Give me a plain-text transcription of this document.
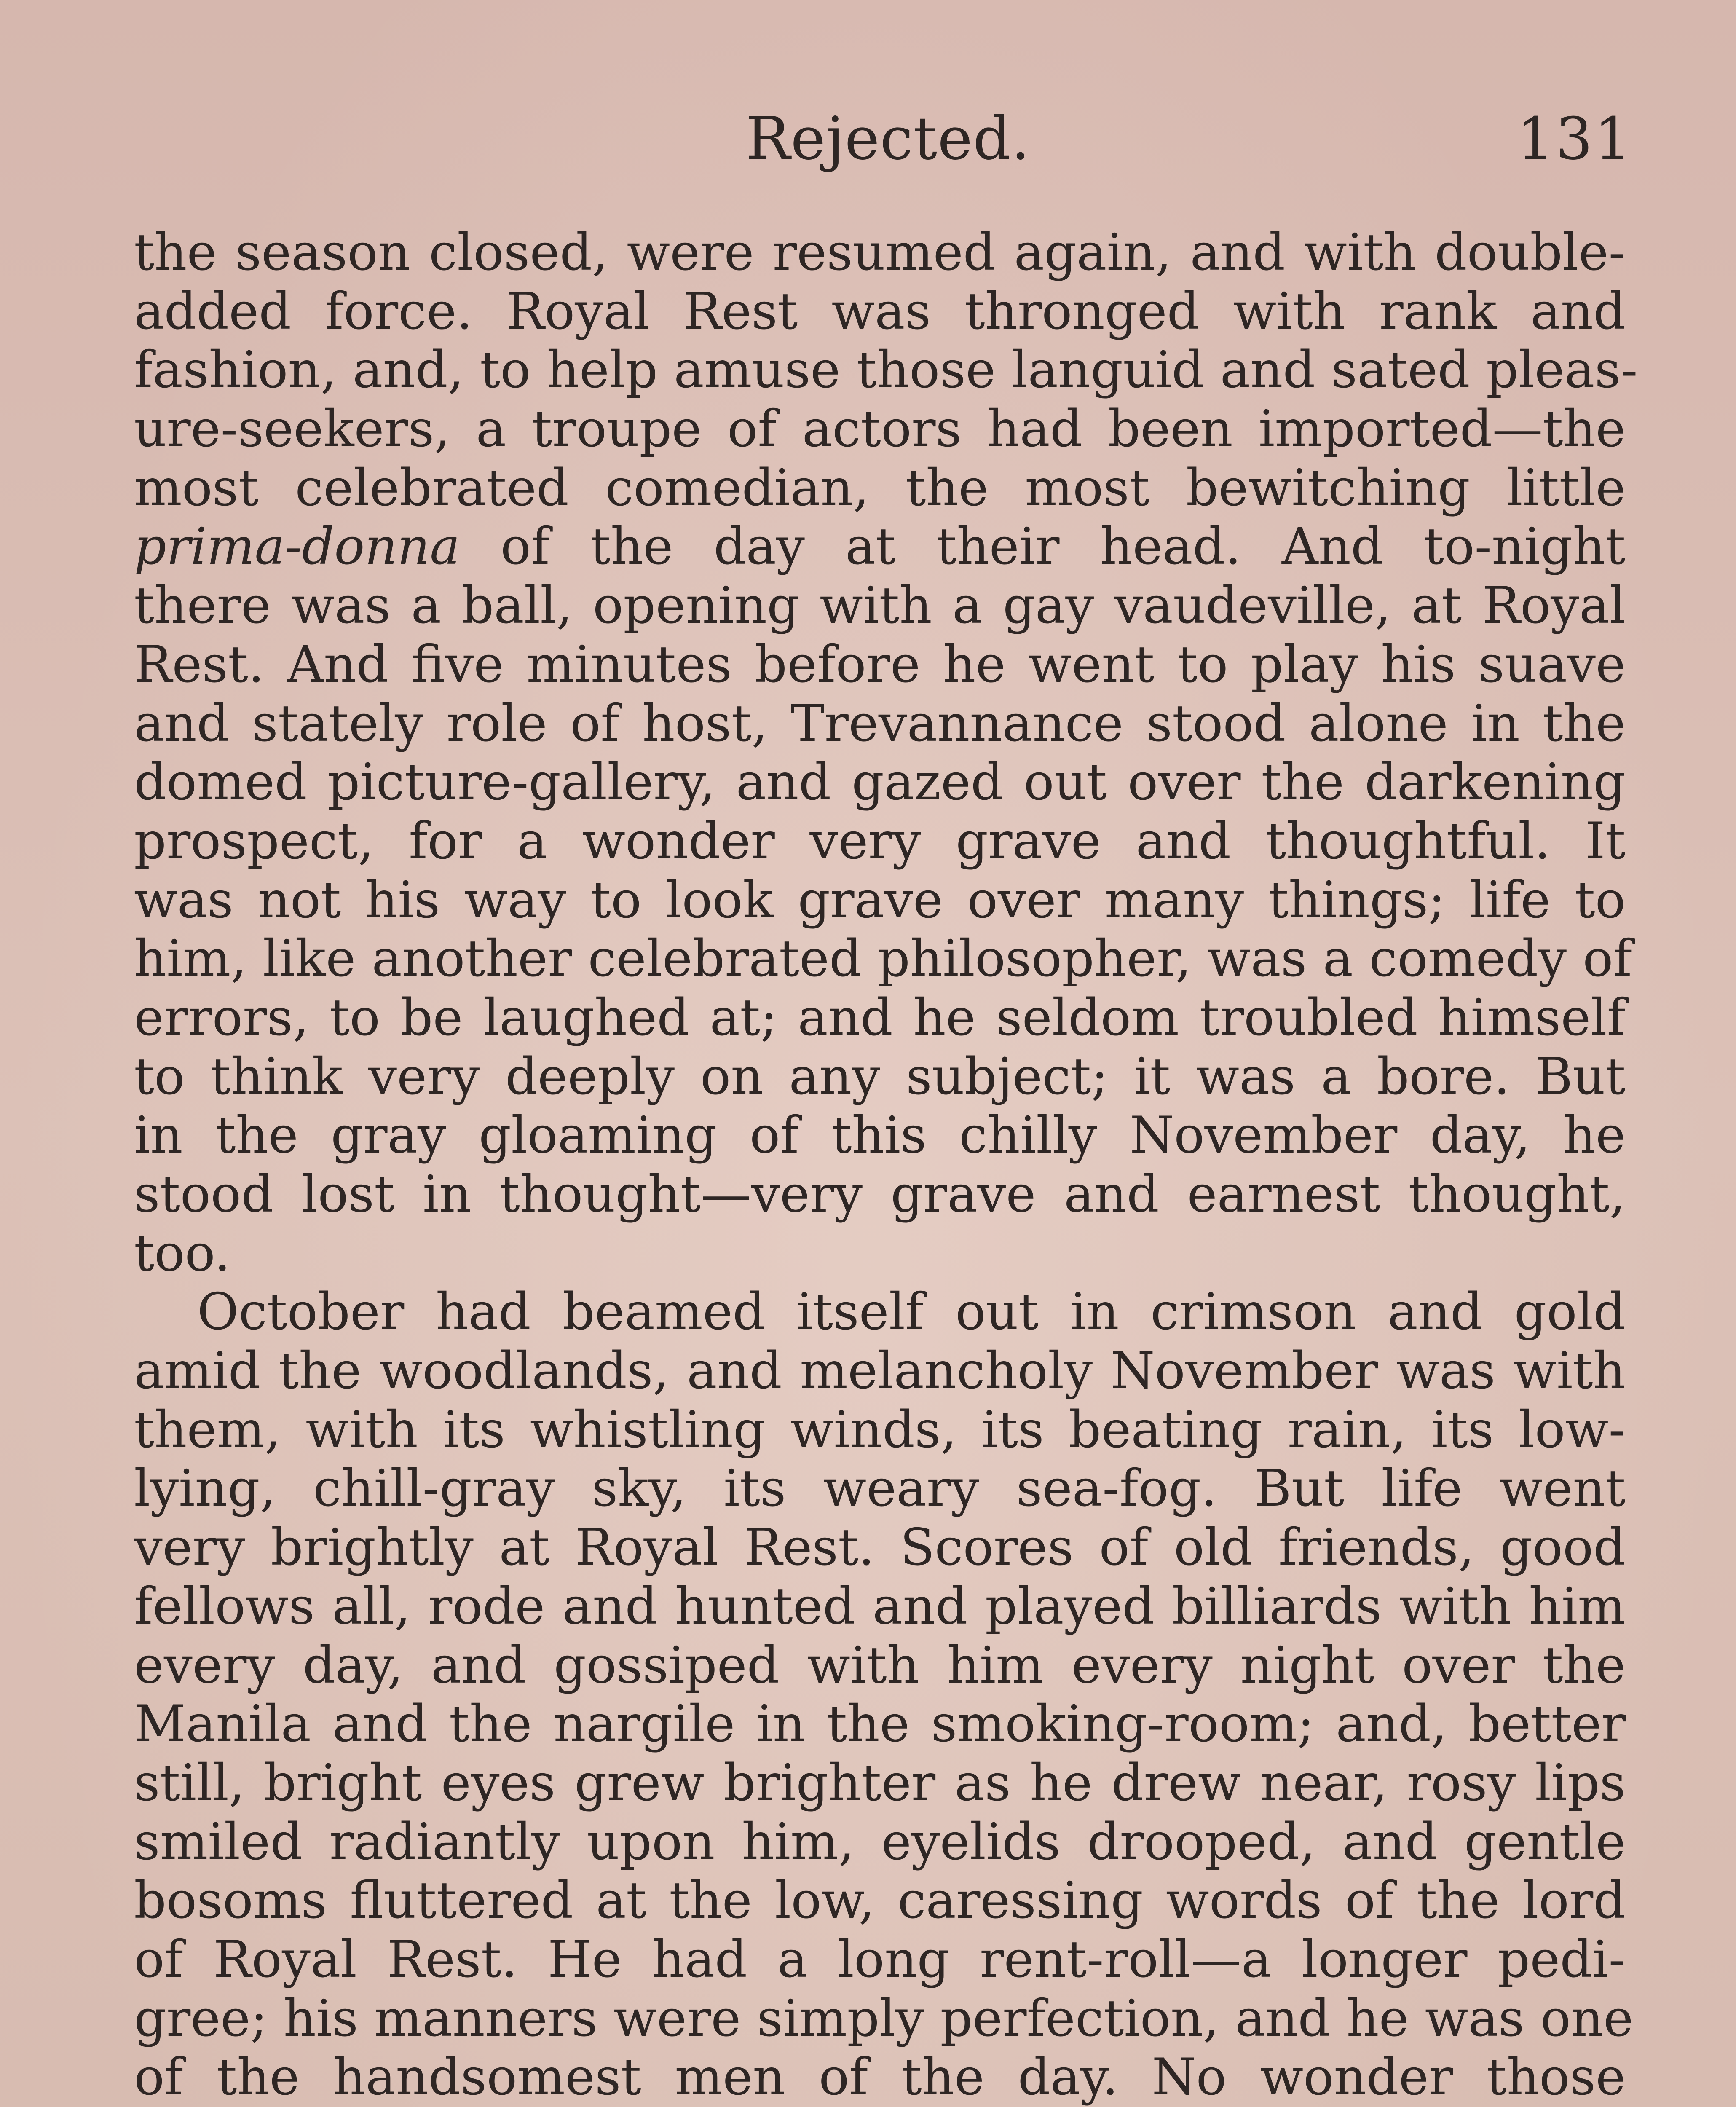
Rejected.	131
the season closed, were resumed again, and with double-
added force. Royal Rest was thronged with rank and
fashion, and, to help amuse those languid and sated pleas-
ure-seekers, a troupe of actors had been imported—the
most celebrated comedian, the most bewitching little
prima-donna of the day at their head. And to-night
there was a ball, opening with a gay vaudeville, at Royal
Rest. And five minutes before he went to play his suave
and stately role of host, Trevannance stood alone in the
domed picture-gallery, and gazed out over the darkening
prospect, for a wonder very grave and thoughtful. It
was not his way to look grave over many things; life to
him, like another celebrated philosopher, was a comedy of
errors, to be laughed at; and he seldom troubled himself
to think very deeply on any subject; it was a bore. But
in the gray gloaming of this chilly November day, he
stood lost in thought—very grave and earnest thought,
too.
October had beamed itself out in crimson and gold
amid the woodlands, and melancholy November was with
them, with its whistling winds, its beating rain, its low-
lying, chill-gray sky, its weary sea-fog. But life went
very brightly at Royal Rest. Scores of old friends, good
fellows all, rode and hunted and played billiards with him
every day, and gossiped with him every night over the
Manila and the nargile in the smoking-room; and, better
still, bright eyes grew brighter as he drew near, rosy lips
smiled radiantly upon him, eyelids drooped, and gentle
bosoms fluttered at the low, caressing words of the lord
of Royal Rest. He had a long rent-roll—a longer pedi-
gree; his manners were simply perfection, and he was one
of the handsomest men of the day. No wonder those
